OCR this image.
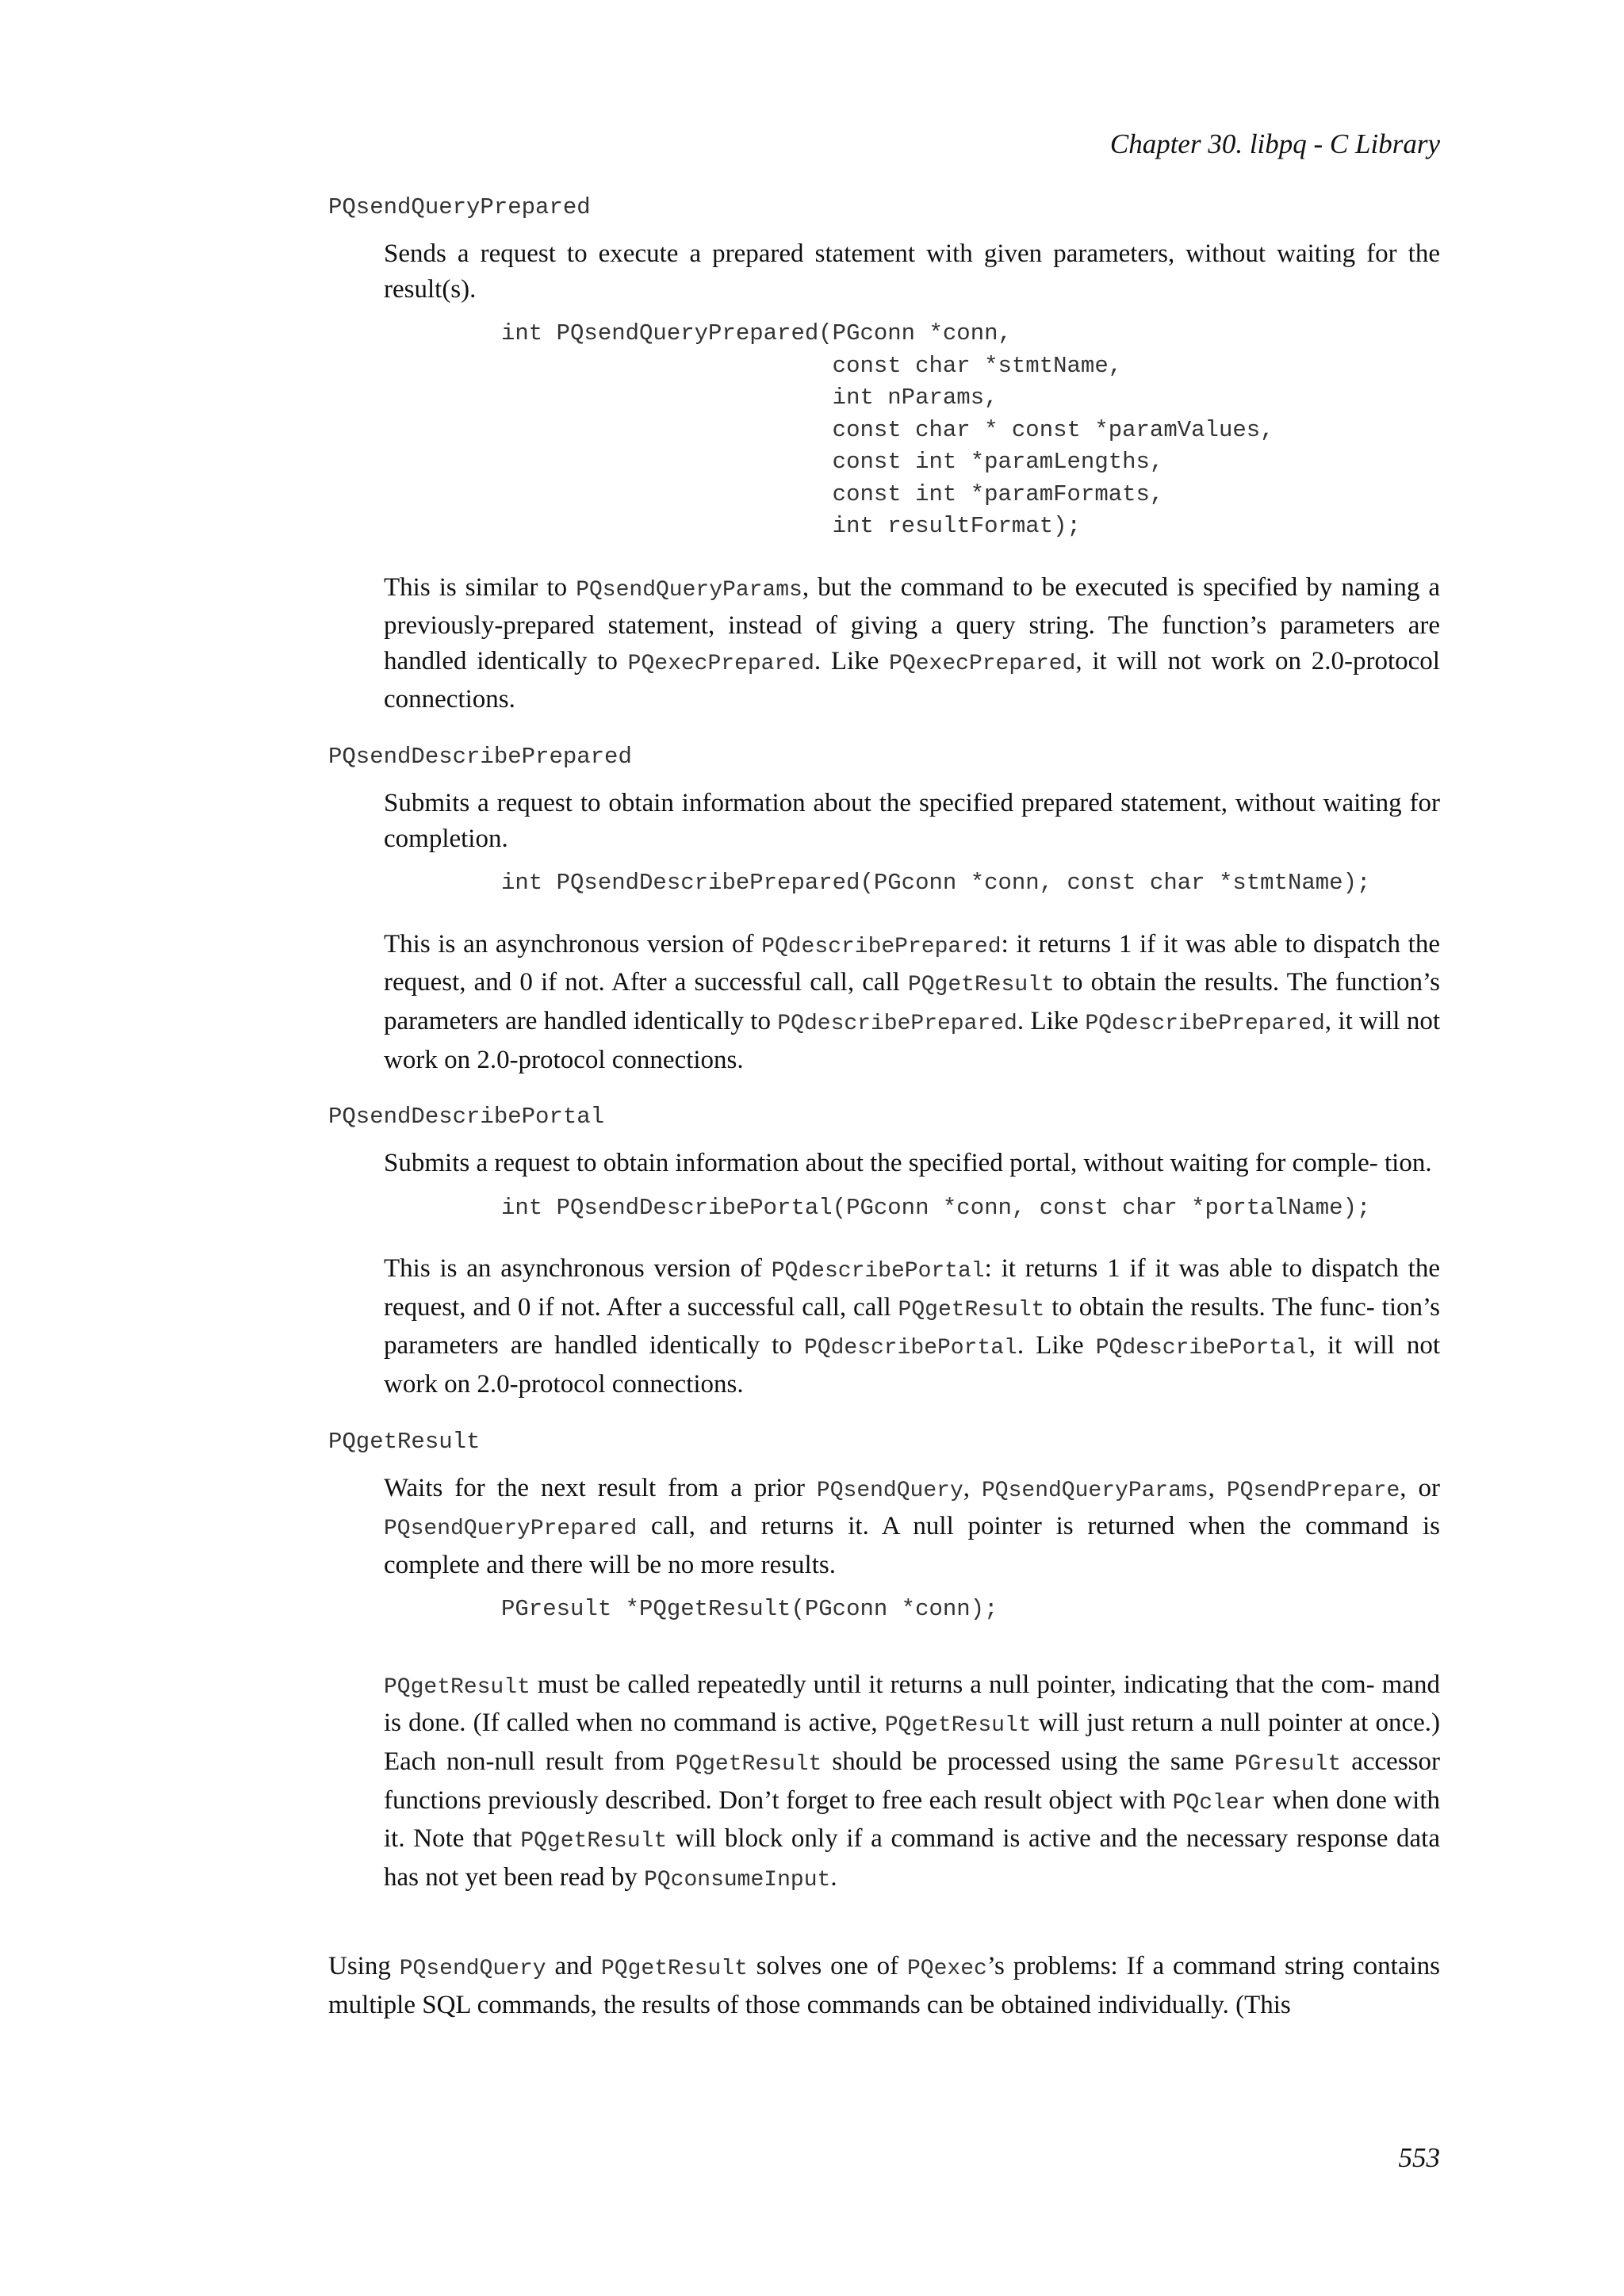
Chapter 30. libpq - C Library
PQsendQueryPrepared

Sends a request to execute a prepared statement with given parameters, without waiting for the result(s).

int PQsendQueryPrepared(PGconn *conn,
const char *stmtName,
int nParams,
const char * const *paramValues,
const int *paramLengths,
const int *paramFormats,
int resultFormat);

This is similar to PQsendQueryParams, but the command to be executed is specified by naming a previously-prepared statement, instead of giving a query string. The function’s parameters are handled identically to PQexecPrepared. Like PQexecPrepared, it will not work on 2.0-protocol connections.

PQsendDescribePrepared

Submits a request to obtain information about the specified prepared statement, without waiting for completion.

int PQsendDescribePrepared(PGconn *conn, const char *stmtName);

This is an asynchronous version of PQdescribePrepared: it returns 1 if it was able to dispatch the request, and 0 if not. After a successful call, call PQgetResult to obtain the results. The function’s parameters are handled identically to PQdescribePrepared. Like PQdescribePrepared, it will not work on 2.0-protocol connections.

PQsendDescribePortal

Submits a request to obtain information about the specified portal, without waiting for comple- tion.

int PQsendDescribePortal(PGconn *conn, const char *portalName);

This is an asynchronous version of PQdescribePortal: it returns 1 if it was able to dispatch the request, and 0 if not. After a successful call, call PQgetResult to obtain the results. The func- tion’s parameters are handled identically to PQdescribePortal. Like PQdescribePortal, it will not work on 2.0-protocol connections.

PQgetResult

Waits for the next result from a prior PQsendQuery, PQsendQueryParams, PQsendPrepare, or PQsendQueryPrepared call, and returns it. A null pointer is returned when the command is complete and there will be no more results.

PGresult *PQgetResult(PGconn *conn);

PQgetResult must be called repeatedly until it returns a null pointer, indicating that the com- mand is done. (If called when no command is active, PQgetResult will just return a null pointer at once.) Each non-null result from PQgetResult should be processed using the same PGresult accessor functions previously described. Don’t forget to free each result object with PQclear when done with it. Note that PQgetResult will block only if a command is active and the necessary response data has not yet been read by PQconsumeInput.

Using PQsendQuery and PQgetResult solves one of PQexec’s problems: If a command string contains multiple SQL commands, the results of those commands can be obtained individually. (This

553
